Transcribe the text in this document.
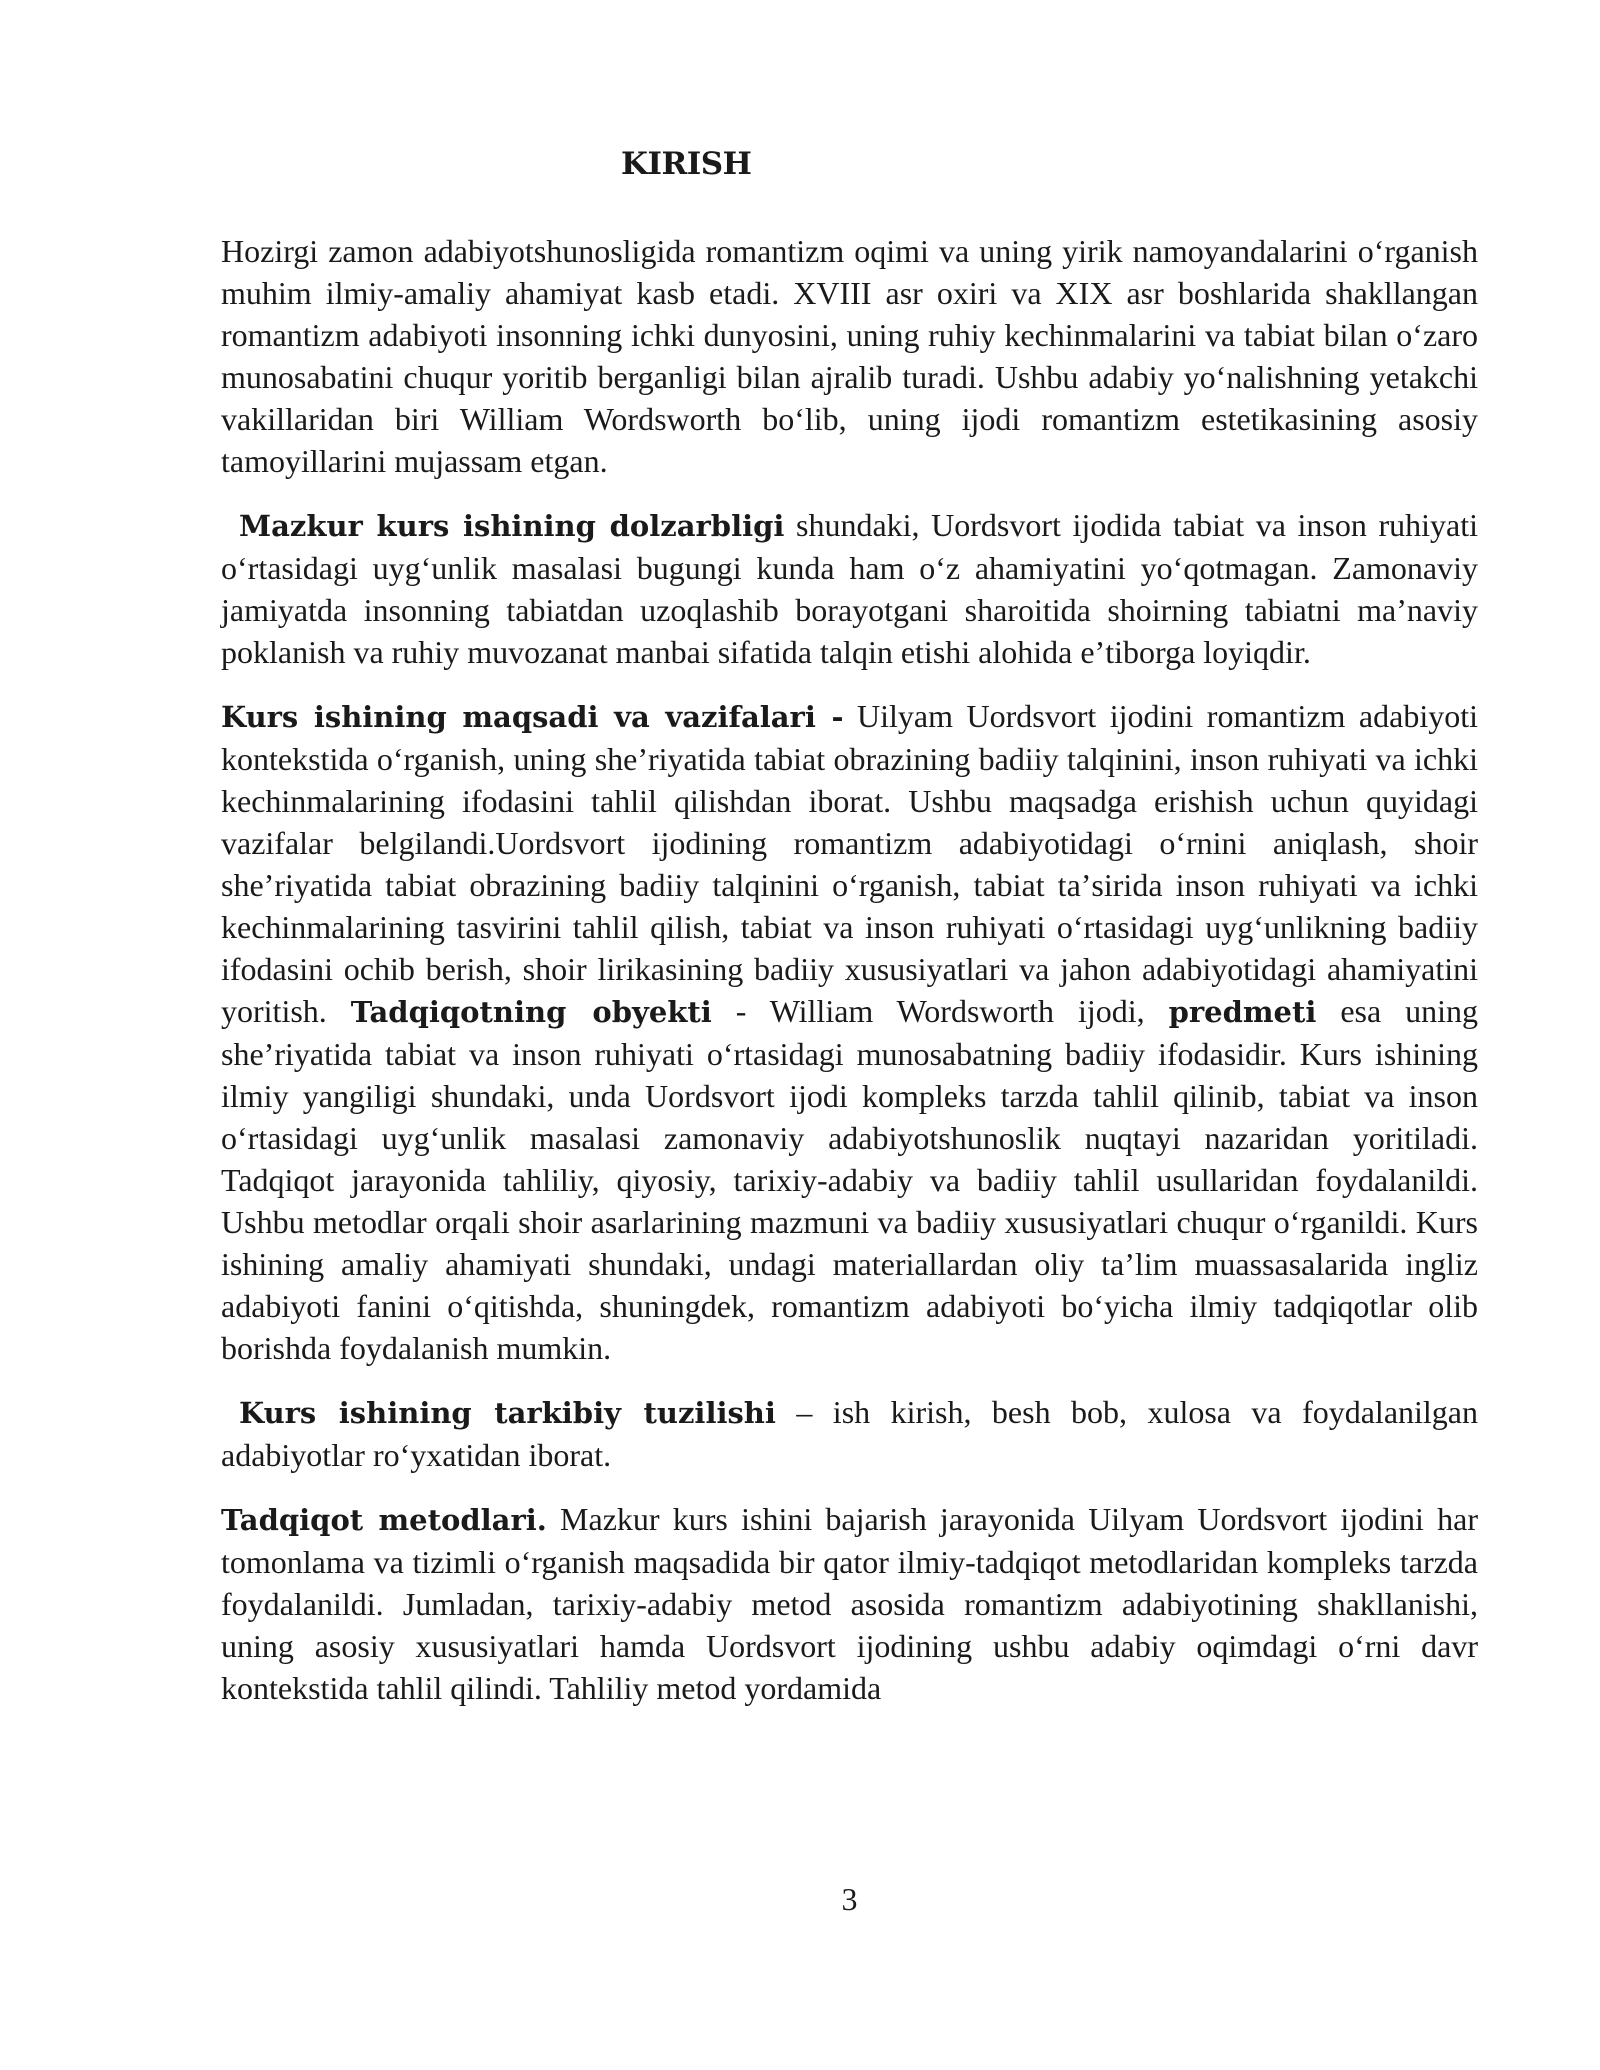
KIRISH

Hozirgi zamon adabiyotshunosligida romantizm oqimi va uning yirik namoyandalarini oʻrganish muhim ilmiy-amaliy ahamiyat kasb etadi. XVIII asr oxiri va XIX asr boshlarida shakllangan romantizm adabiyoti insonning ichki dunyosini, uning ruhiy kechinmalarini va tabiat bilan oʻzaro munosabatini chuqur yoritib berganligi bilan ajralib turadi. Ushbu adabiy yoʻnalishning yetakchi vakillaridan biri William Wordsworth boʻlib, uning ijodi romantizm estetikasining asosiy tamoyillarini mujassam etgan.

Mazkur kurs ishining dolzarbligi shundaki, Uordsvort ijodida tabiat va inson ruhiyati oʻrtasidagi uygʻunlik masalasi bugungi kunda ham oʻz ahamiyatini yoʻqotmagan. Zamonaviy jamiyatda insonning tabiatdan uzoqlashib borayotgani sharoitida shoirning tabiatni maʼnaviy poklanish va ruhiy muvozanat manbai sifatida talqin etishi alohida eʼtiborga loyiqdir.

Kurs ishining maqsadi va vazifalari - Uilyam Uordsvort ijodini romantizm adabiyoti kontekstida oʻrganish, uning sheʼriyatida tabiat obrazining badiiy talqinini, inson ruhiyati va ichki kechinmalarining ifodasini tahlil qilishdan iborat. Ushbu maqsadga erishish uchun quyidagi vazifalar belgilandi.Uordsvort ijodining romantizm adabiyotidagi oʻrnini aniqlash, shoir sheʼriyatida tabiat obrazining badiiy talqinini oʻrganish, tabiat taʼsirida inson ruhiyati va ichki kechinmalarining tasvirini tahlil qilish, tabiat va inson ruhiyati oʻrtasidagi uygʻunlikning badiiy ifodasini ochib berish, shoir lirikasining badiiy xususiyatlari va jahon adabiyotidagi ahamiyatini yoritish. Tadqiqotning obyekti - William Wordsworth ijodi, predmeti esa uning sheʼriyatida tabiat va inson ruhiyati oʻrtasidagi munosabatning badiiy ifodasidir. Kurs ishining ilmiy yangiligi shundaki, unda Uordsvort ijodi kompleks tarzda tahlil qilinib, tabiat va inson oʻrtasidagi uygʻunlik masalasi zamonaviy adabiyotshunoslik nuqtayi nazaridan yoritiladi. Tadqiqot jarayonida tahliliy, qiyosiy, tarixiy-adabiy va badiiy tahlil usullaridan foydalanildi. Ushbu metodlar orqali shoir asarlarining mazmuni va badiiy xususiyatlari chuqur oʻrganildi. Kurs ishining amaliy ahamiyati shundaki, undagi materiallardan oliy taʼlim muassasalarida ingliz adabiyoti fanini oʻqitishda, shuningdek, romantizm adabiyoti boʻyicha ilmiy tadqiqotlar olib borishda foydalanish mumkin.

Kurs ishining tarkibiy tuzilishi – ish kirish, besh bob, xulosa va foydalanilgan adabiyotlar roʻyxatidan iborat.

Tadqiqot metodlari. Mazkur kurs ishini bajarish jarayonida Uilyam Uordsvort ijodini har tomonlama va tizimli oʻrganish maqsadida bir qator ilmiy-tadqiqot metodlaridan kompleks tarzda foydalanildi. Jumladan, tarixiy-adabiy metod asosida romantizm adabiyotining shakllanishi, uning asosiy xususiyatlari hamda Uordsvort ijodining ushbu adabiy oqimdagi oʻrni davr kontekstida tahlil qilindi. Tahliliy metod yordamida

3
